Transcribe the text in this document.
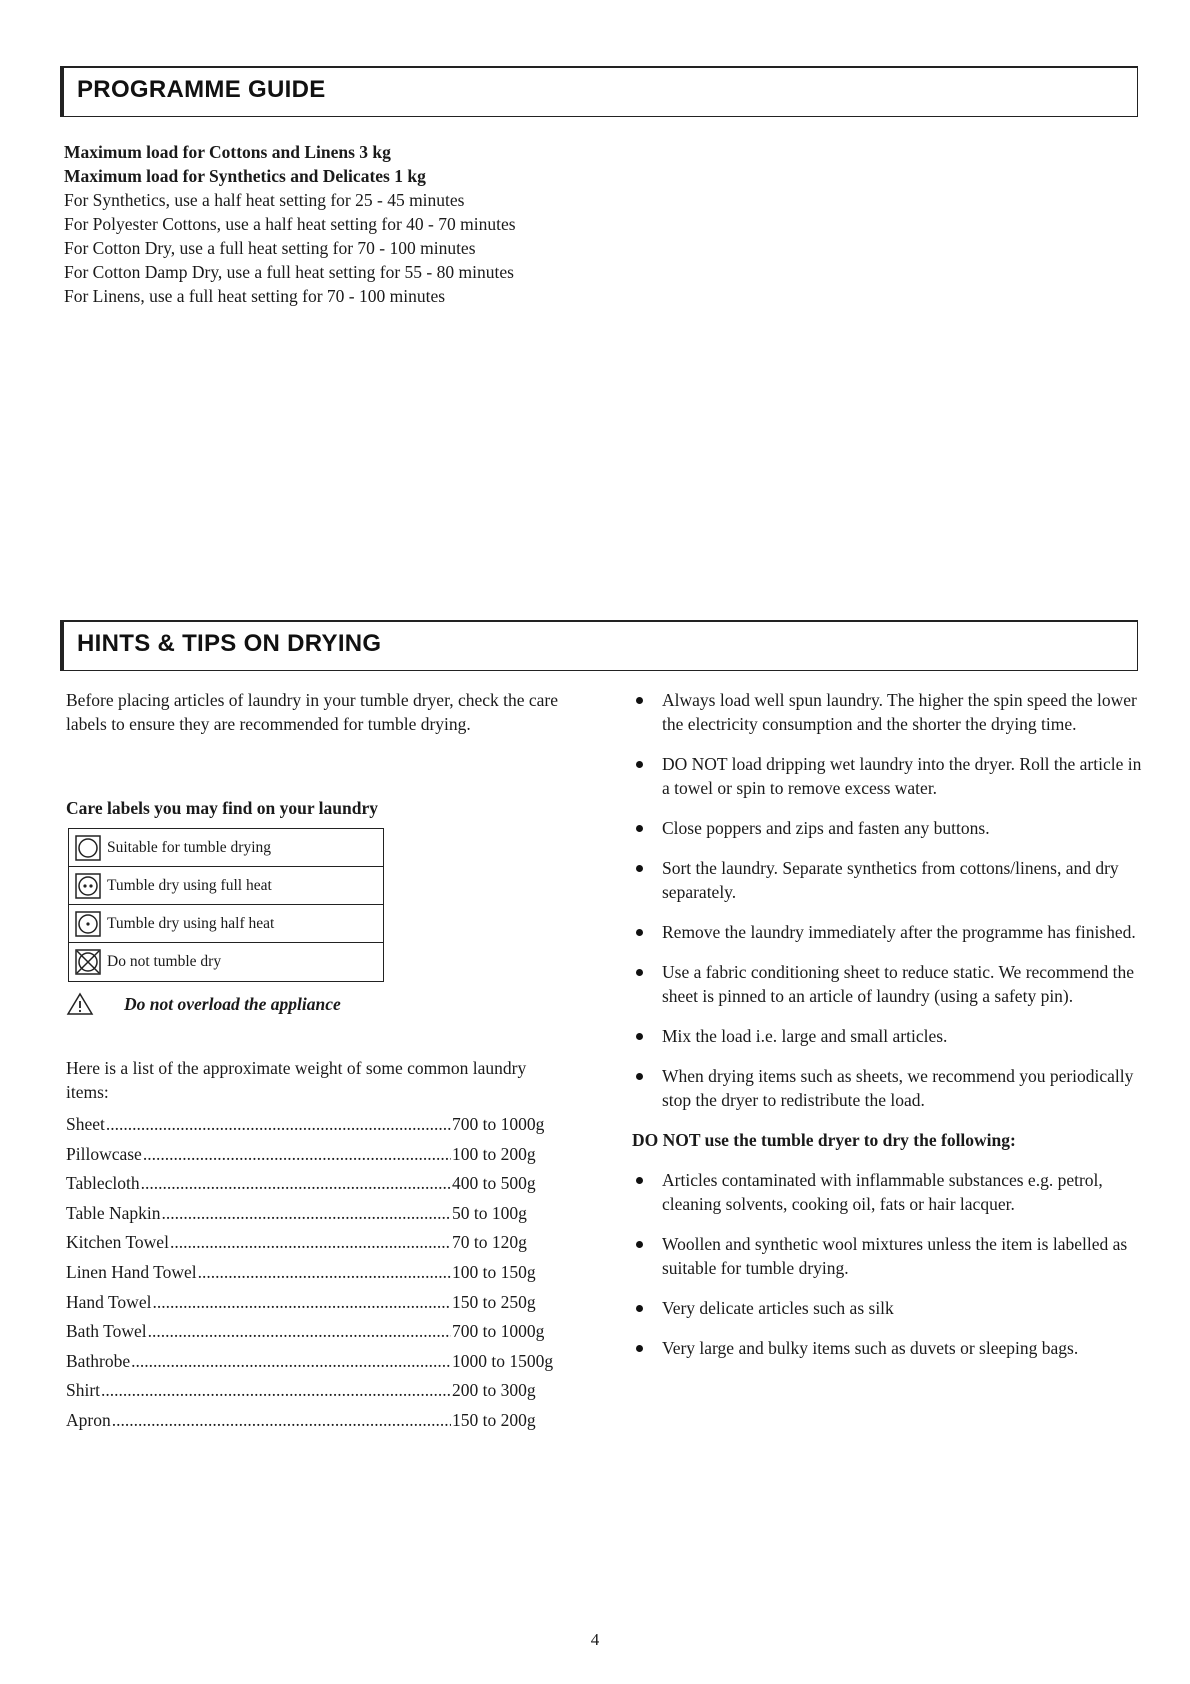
PROGRAMME GUIDE
Maximum load for Cottons and Linens 3 kg
Maximum load for Synthetics and Delicates 1 kg
For Synthetics, use a half heat setting for 25 - 45 minutes
For Polyester Cottons, use a half heat setting for 40 - 70 minutes
For Cotton Dry, use a full heat setting for 70 - 100 minutes
For Cotton Damp Dry, use a full heat setting for 55 - 80 minutes
For Linens, use a full heat setting for 70 - 100 minutes
HINTS & TIPS ON DRYING

Before placing articles of laundry in your tumble dryer, check the care labels to ensure they are recommended for tumble drying.

Care labels you may find on your laundry

Suitable for tumble drying
Tumble dry using full heat
Tumble dry using half heat
Do not tumble dry
Do not overload the appliance

Here is a list of the approximate weight of some common laundry items:

Sheet .....	700 to 1000g
Pillowcase .....	100 to 200g
Tablecloth .....	400 to 500g
Table Napkin .....	50 to 100g
Kitchen Towel .....	70 to 120g
Linen Hand Towel .....	100 to 150g
Hand Towel .....	150 to 250g
Bath Towel .....	700 to 1000g
Bathrobe .....	1000 to 1500g
Shirt .....	200 to 300g
Apron .....	150 to 200g
Always load well spun laundry. The higher the spin speed the lower the electricity consumption and the shorter the drying time.
DO NOT load dripping wet laundry into the dryer. Roll the article in a towel or spin to remove excess water.
Close poppers and zips and fasten any buttons.
Sort the laundry. Separate synthetics from cottons/linens, and dry separately.
Remove the laundry immediately after the programme has finished.
Use a fabric conditioning sheet to reduce static. We recommend the sheet is pinned to an article of laundry (using a safety pin).
Mix the load i.e. large and small articles.
When drying items such as sheets, we recommend you periodically stop the dryer to redistribute the load.

DO NOT use the tumble dryer to dry the following:

Articles contaminated with inflammable substances e.g. petrol, cleaning solvents, cooking oil, fats or hair lacquer.
Woollen and synthetic wool mixtures unless the item is labelled as suitable for tumble drying.
Very delicate articles such as silk
Very large and bulky items such as duvets or sleeping bags.
4
